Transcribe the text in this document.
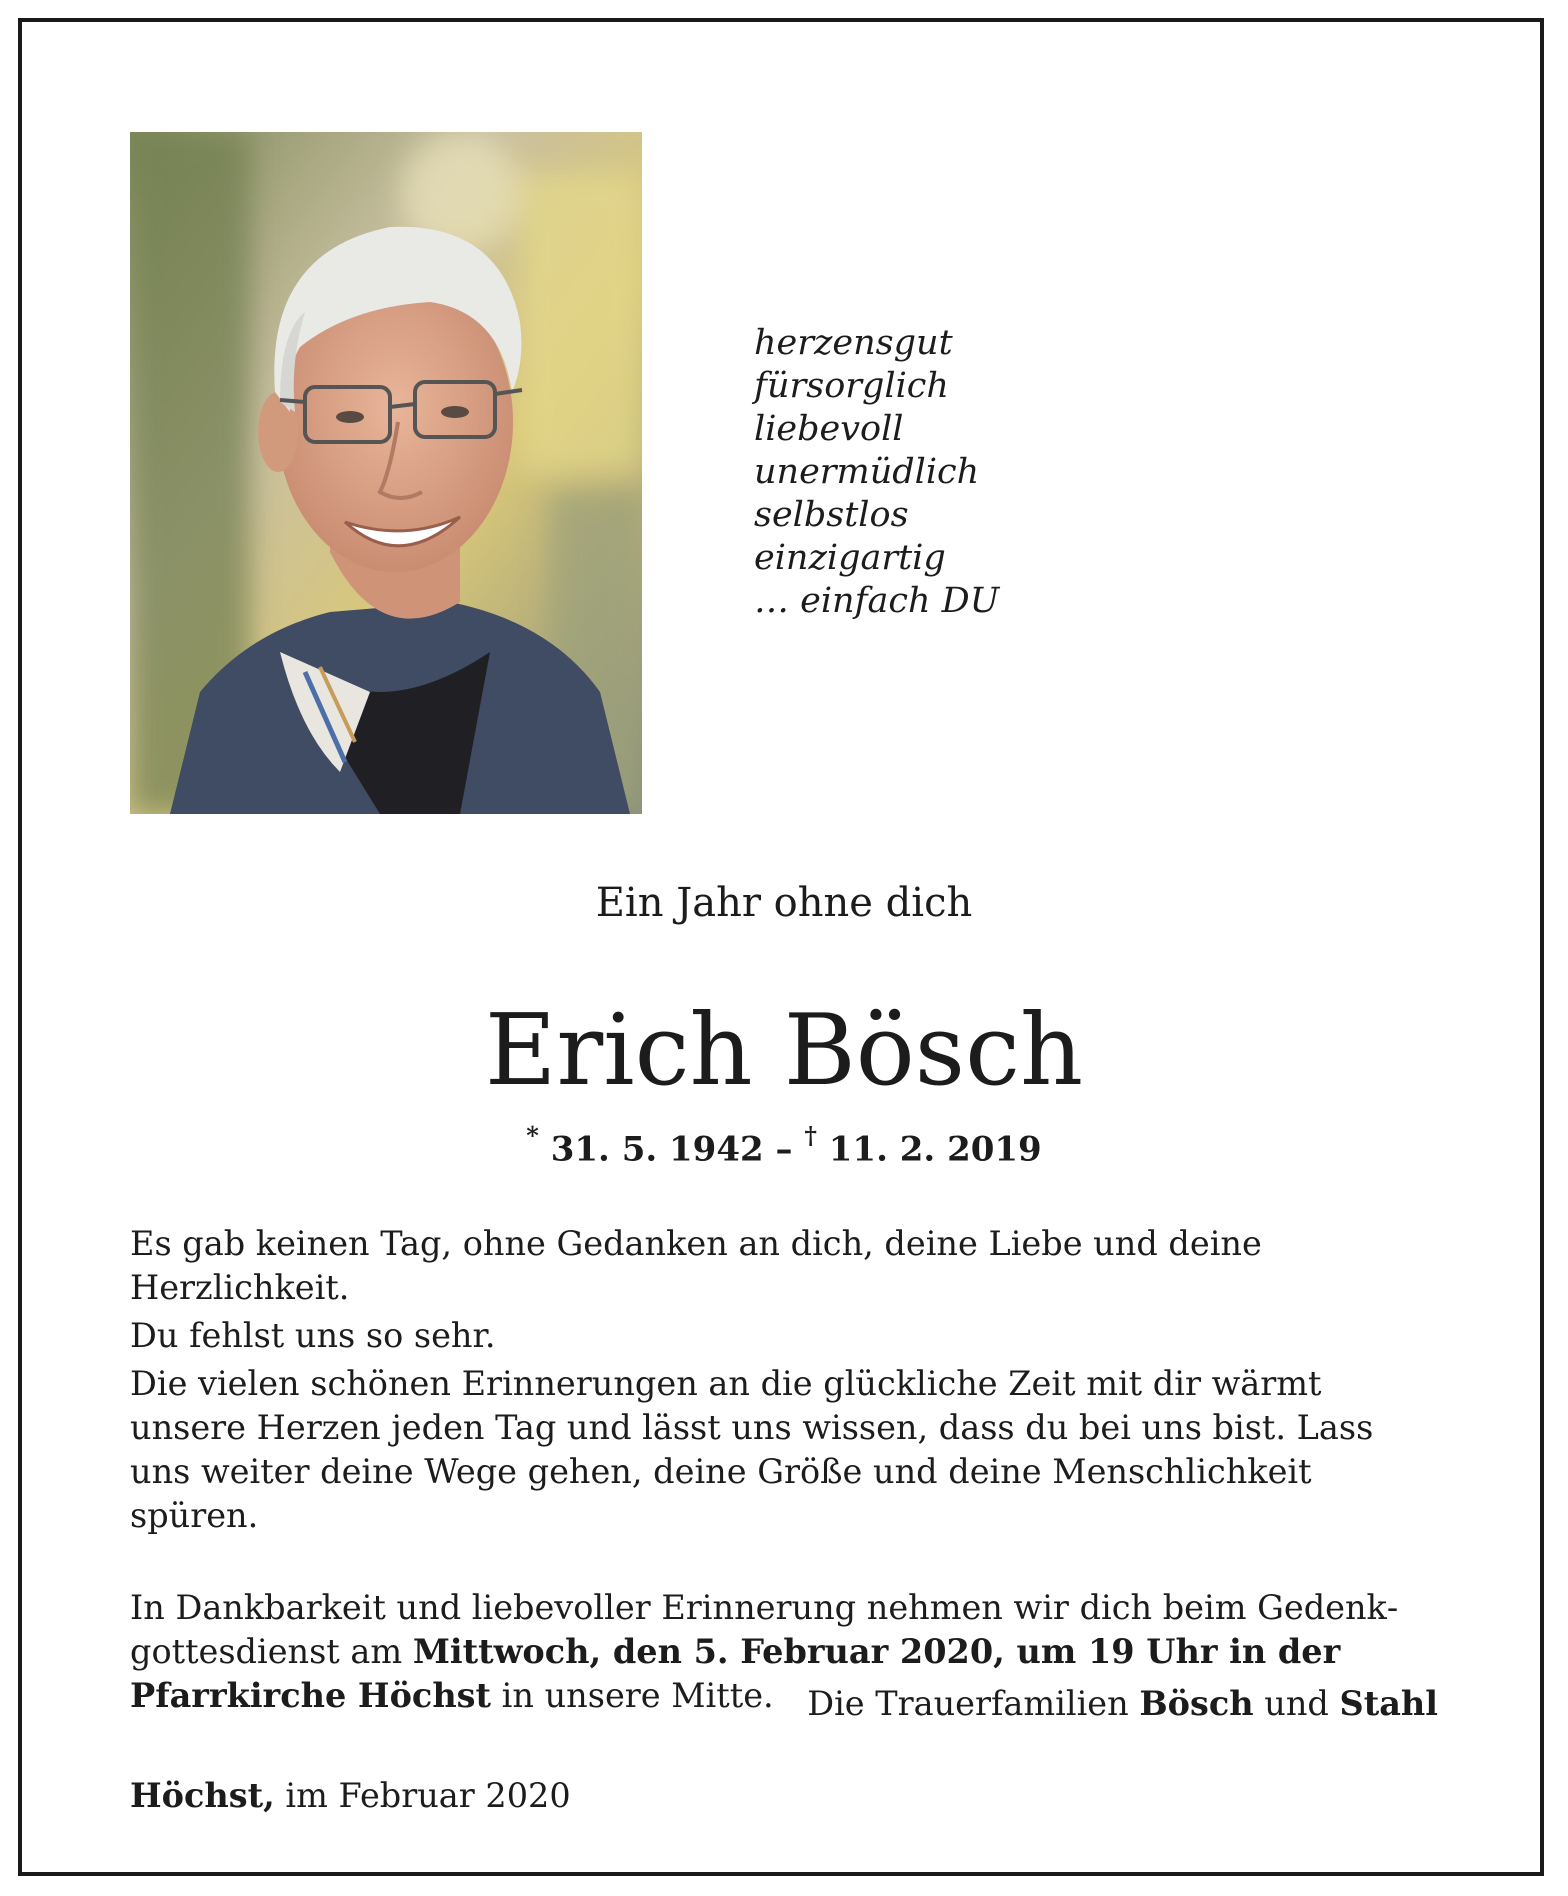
herzensgut
fürsorglich
liebevoll
unermüdlich
selbstlos
einzigartig
… einfach DU
Ein Jahr ohne dich
Erich Bösch
* 31. 5. 1942 – † 11. 2. 2019

Es gab keinen Tag, ohne Gedanken an dich, deine Liebe und deine Herzlichkeit.

Du fehlst uns so sehr.

Die vielen schönen Erinnerungen an die glückliche Zeit mit dir wärmt unsere Herzen jeden Tag und lässt uns wissen, dass du bei uns bist. Lass uns weiter deine Wege gehen, deine Größe und deine Menschlichkeit spüren.

In Dankbarkeit und liebevoller Erinnerung nehmen wir dich beim Gedenkgottesdienst am Mittwoch, den 5. Februar 2020, um 19 Uhr in der Pfarrkirche Höchst in unsere Mitte.	Die Trauerfamilien Bösch und Stahl
Höchst, im Februar 2020
